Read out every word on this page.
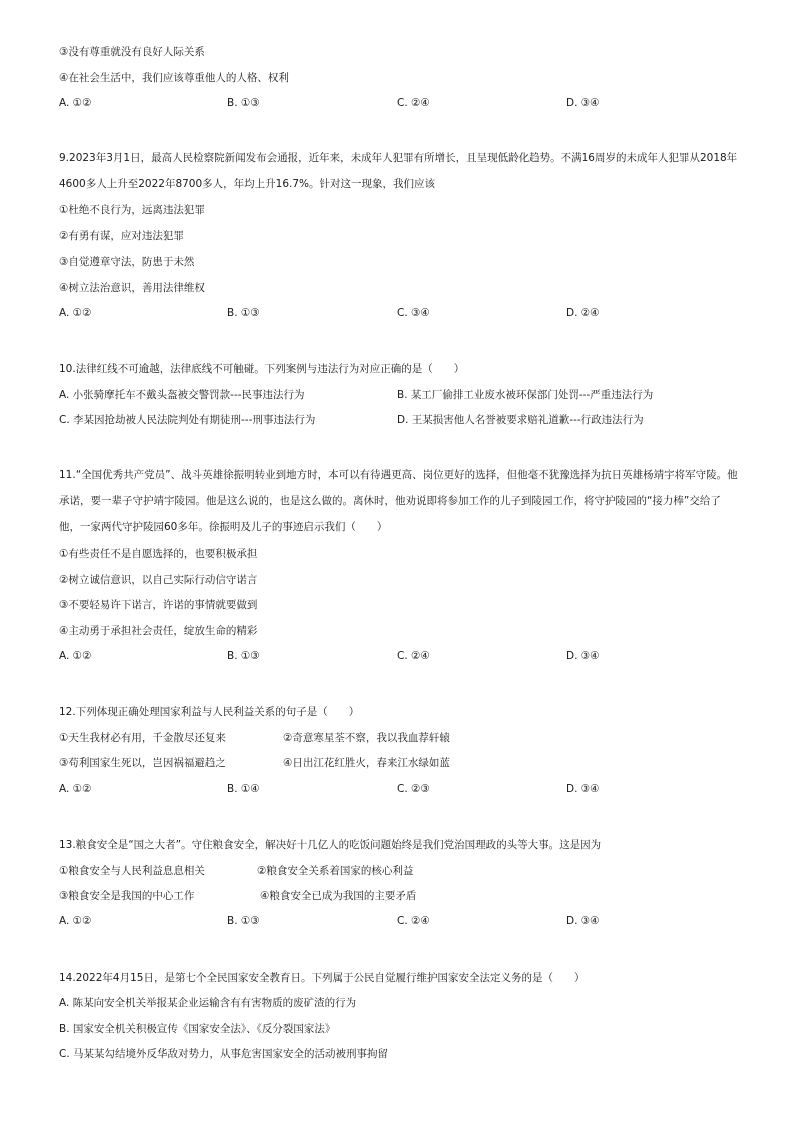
③没有尊重就没有良好人际关系
④在社会生活中，我们应该尊重他人的人格、权利
A. ①②	B. ①③	C. ②④	D. ③④
9.2023年3月1日，最高人民检察院新闻发布会通报，近年来，未成年人犯罪有所增长，且呈现低龄化趋势。不满16周岁的未成年人犯罪从2018年4600多人上升至2022年8700多人，年均上升16.7%。针对这一现象，我们应该
①杜绝不良行为，远离违法犯罪
②有勇有谋，应对违法犯罪
③自觉遵章守法，防患于未然
④树立法治意识，善用法律维权
A. ①②	B. ①③	C. ③④	D. ②④
10.法律红线不可逾越，法律底线不可触碰。下列案例与违法行为对应正确的是（　　）
A. 小张骑摩托车不戴头盔被交警罚款---民事违法行为	B. 某工厂偷排工业废水被环保部门处罚---严重违法行为
C. 李某因抢劫被人民法院判处有期徒刑---刑事违法行为	D. 王某损害他人名誉被要求赔礼道歉---行政违法行为
11.“全国优秀共产党员”、战斗英雄徐振明转业到地方时，本可以有待遇更高、岗位更好的选择，但他毫不犹豫选择为抗日英雄杨靖宇将军守陵。他承诺，要一辈子守护靖宇陵园。他是这么说的，也是这么做的。离休时，他劝说即将参加工作的儿子到陵园工作，将守护陵园的“接力棒”交给了他，一家两代守护陵园60多年。徐振明及儿子的事迹启示我们（　　）
①有些责任不是自愿选择的，也要积极承担
②树立诚信意识，以自己实际行动信守诺言
③不要轻易许下诺言，许诺的事情就要做到
④主动勇于承担社会责任，绽放生命的精彩
A. ①②	B. ①③	C. ②④	D. ③④
12.下列体现正确处理国家利益与人民利益关系的句子是（　　）
①天生我材必有用，千金散尽还复来	②奇意寒星荃不察，我以我血荐轩辕
③苟利国家生死以，岂因祸福避趋之	④日出江花红胜火，春来江水绿如蓝
A. ①②	B. ①④	C. ②③	D. ③④
13.粮食安全是“国之大者”。守住粮食安全，解决好十几亿人的吃饭问题始终是我们党治国理政的头等大事。这是因为
①粮食安全与人民利益息息相关	②粮食安全关系着国家的核心利益
③粮食安全是我国的中心工作	④粮食安全已成为我国的主要矛盾
A. ①②	B. ①③	C. ②④	D. ③④
14.2022年4月15日，是第七个全民国家安全教育日。下列属于公民自觉履行维护国家安全法定义务的是（　　）
A. 陈某向安全机关举报某企业运输含有有害物质的废矿渣的行为
B. 国家安全机关积极宣传《国家安全法》、《反分裂国家法》
C. 马某某勾结境外反华敌对势力，从事危害国家安全的活动被刑事拘留
